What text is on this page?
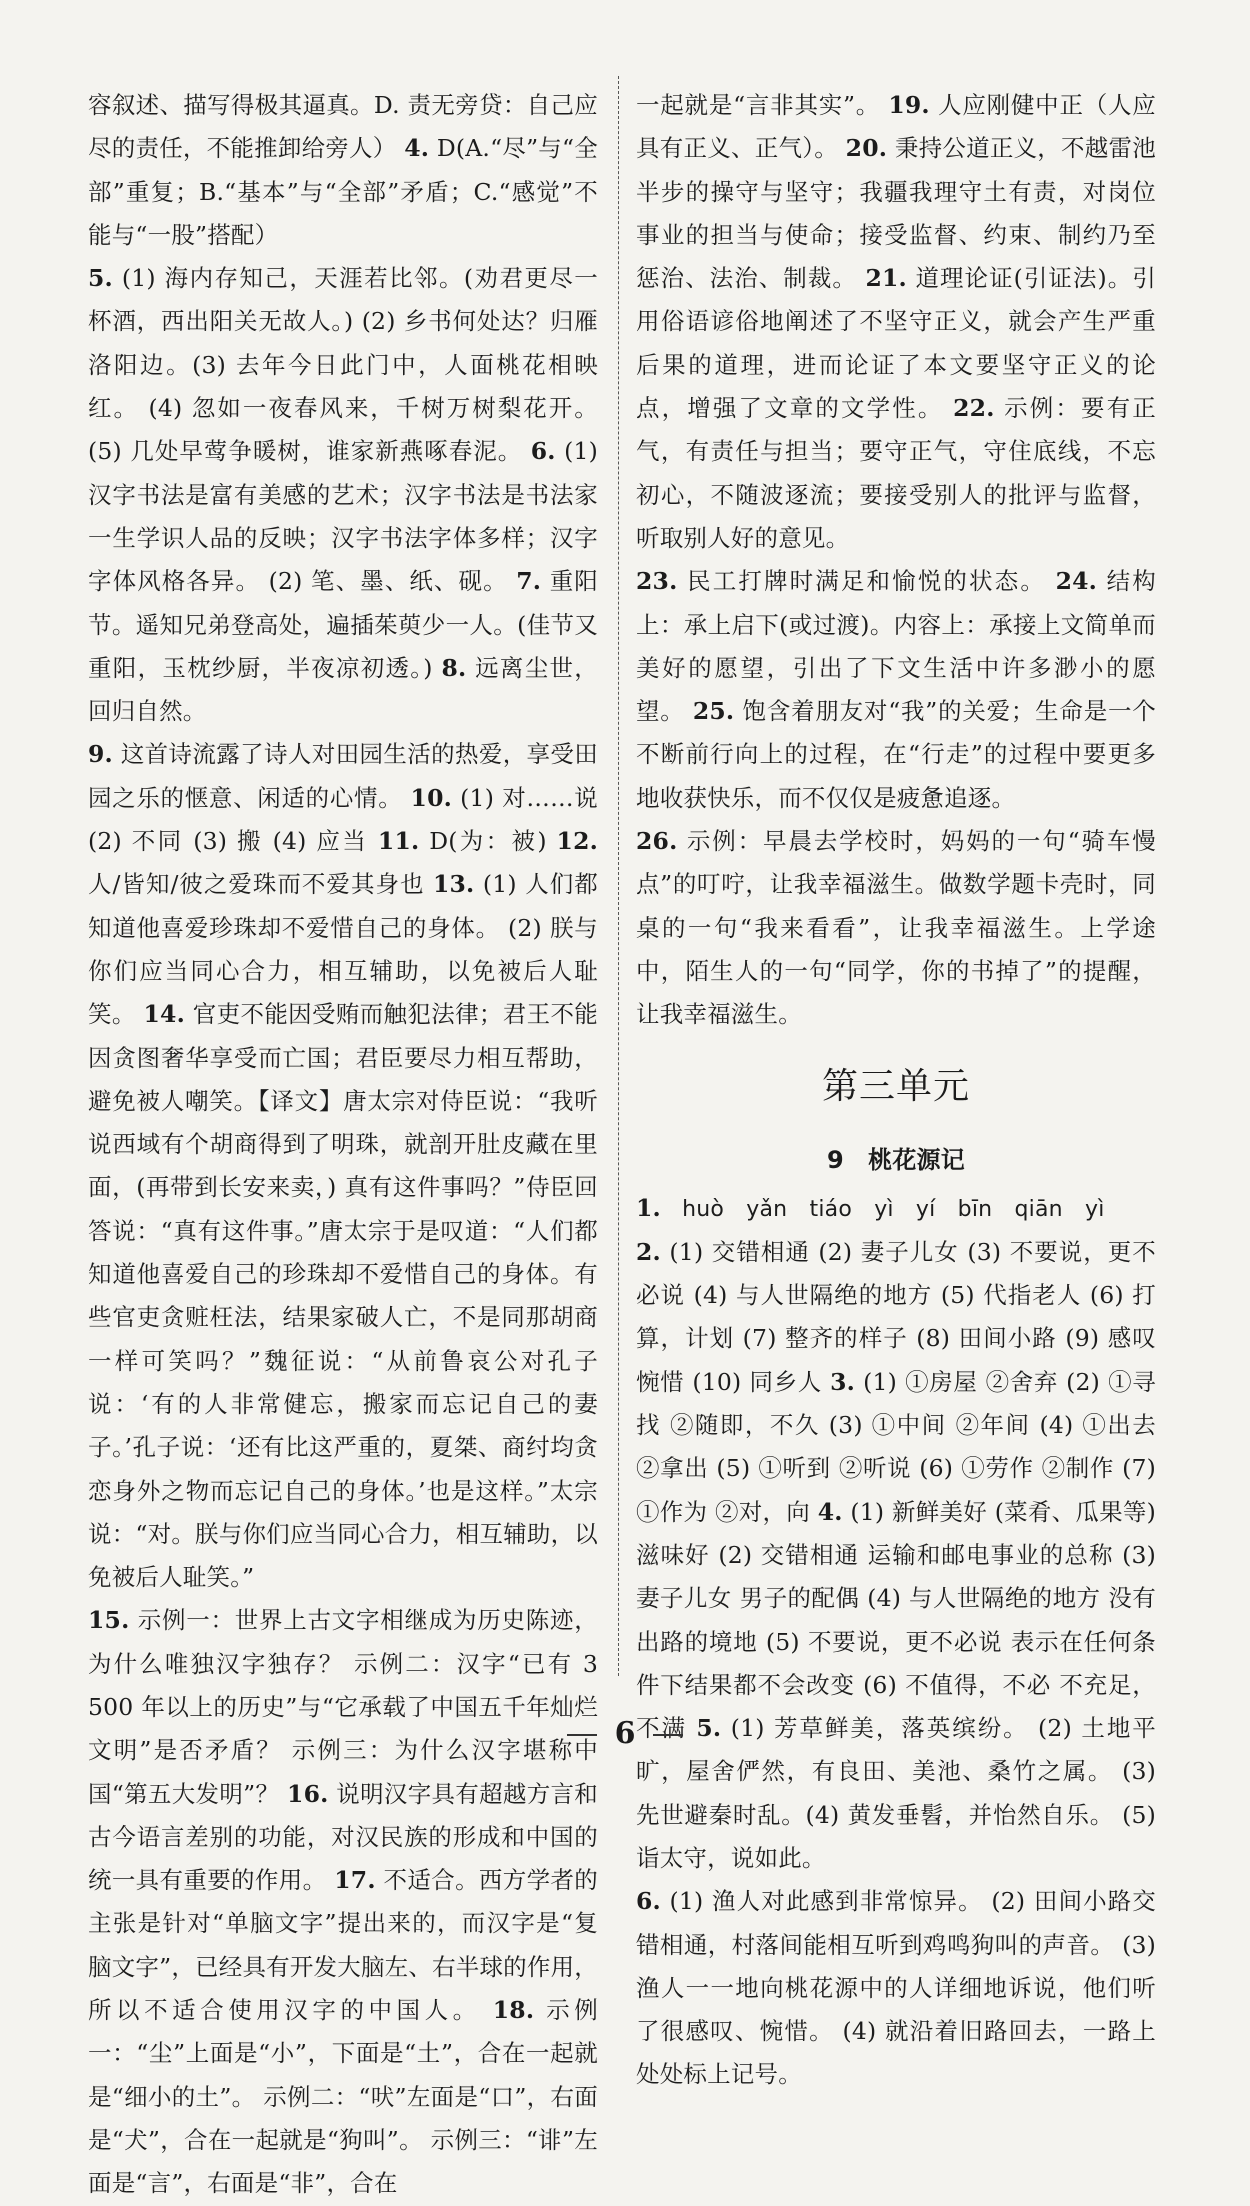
容叙述、描写得极其逼真。D. 责无旁贷：自己应尽的责任，不能推卸给旁人） 4. D(A.“尽”与“全部”重复；B.“基本”与“全部”矛盾；C.“感觉”不能与“一股”搭配）

5. (1) 海内存知己，天涯若比邻。(劝君更尽一杯酒，西出阳关无故人。) (2) 乡书何处达？归雁洛阳边。(3) 去年今日此门中，人面桃花相映红。 (4) 忽如一夜春风来，千树万树梨花开。 (5) 几处早莺争暖树，谁家新燕啄春泥。 6. (1) 汉字书法是富有美感的艺术；汉字书法是书法家一生学识人品的反映；汉字书法字体多样；汉字字体风格各异。 (2) 笔、墨、纸、砚。 7. 重阳节。遥知兄弟登高处，遍插茱萸少一人。(佳节又重阳，玉枕纱厨，半夜凉初透。) 8. 远离尘世，回归自然。

9. 这首诗流露了诗人对田园生活的热爱，享受田园之乐的惬意、闲适的心情。 10. (1) 对……说 (2) 不同 (3) 搬 (4) 应当 11. D(为：被) 12. 人/皆知/彼之爱珠而不爱其身也 13. (1) 人们都知道他喜爱珍珠却不爱惜自己的身体。 (2) 朕与你们应当同心合力，相互辅助，以免被后人耻笑。 14. 官吏不能因受贿而触犯法律；君王不能因贪图奢华享受而亡国；君臣要尽力相互帮助，避免被人嘲笑。【译文】唐太宗对侍臣说：“我听说西域有个胡商得到了明珠，就剖开肚皮藏在里面，(再带到长安来卖，) 真有这件事吗？”侍臣回答说：“真有这件事。”唐太宗于是叹道：“人们都知道他喜爱自己的珍珠却不爱惜自己的身体。有些官吏贪赃枉法，结果家破人亡，不是同那胡商一样可笑吗？”魏征说：“从前鲁哀公对孔子说：‘有的人非常健忘，搬家而忘记自己的妻子。’孔子说：‘还有比这严重的，夏桀、商纣均贪恋身外之物而忘记自己的身体。’也是这样。”太宗说：“对。朕与你们应当同心合力，相互辅助，以免被后人耻笑。”

15. 示例一：世界上古文字相继成为历史陈迹，为什么唯独汉字独存？ 示例二：汉字“已有 3 500 年以上的历史”与“它承载了中国五千年灿烂文明”是否矛盾？ 示例三：为什么汉字堪称中国“第五大发明”？ 16. 说明汉字具有超越方言和古今语言差别的功能，对汉民族的形成和中国的统一具有重要的作用。 17. 不适合。西方学者的主张是针对“单脑文字”提出来的，而汉字是“复脑文字”，已经具有开发大脑左、右半球的作用，所以不适合使用汉字的中国人。 18. 示例一：“尘”上面是“小”，下面是“土”，合在一起就是“细小的土”。 示例二：“吠”左面是“口”，右面是“犬”，合在一起就是“狗叫”。 示例三：“诽”左面是“言”，右面是“非”，合在

一起就是“言非其实”。 19. 人应刚健中正（人应具有正义、正气）。 20. 秉持公道正义，不越雷池半步的操守与坚守；我疆我理守土有责，对岗位事业的担当与使命；接受监督、约束、制约乃至惩治、法治、制裁。 21. 道理论证(引证法)。引用俗语谚俗地阐述了不坚守正义，就会产生严重后果的道理，进而论证了本文要坚守正义的论点，增强了文章的文学性。 22. 示例：要有正气，有责任与担当；要守正气，守住底线，不忘初心，不随波逐流；要接受别人的批评与监督，听取别人好的意见。

23. 民工打牌时满足和愉悦的状态。 24. 结构上：承上启下(或过渡)。内容上：承接上文简单而美好的愿望，引出了下文生活中许多渺小的愿望。 25. 饱含着朋友对“我”的关爱；生命是一个不断前行向上的过程，在“行走”的过程中要更多地收获快乐，而不仅仅是疲惫追逐。

26. 示例：早晨去学校时，妈妈的一句“骑车慢点”的叮咛，让我幸福滋生。做数学题卡壳时，同桌的一句“我来看看”，让我幸福滋生。上学途中，陌生人的一句“同学，你的书掉了”的提醒，让我幸福滋生。

第三单元
9　桃花源记

1. huò　yǎn　tiáo　yì　yí　bīn　qiān　yì

2. (1) 交错相通 (2) 妻子儿女 (3) 不要说，更不必说 (4) 与人世隔绝的地方 (5) 代指老人 (6) 打算，计划 (7) 整齐的样子 (8) 田间小路 (9) 感叹惋惜 (10) 同乡人 3. (1) ①房屋 ②舍弃 (2) ①寻找 ②随即，不久 (3) ①中间 ②年间 (4) ①出去 ②拿出 (5) ①听到 ②听说 (6) ①劳作 ②制作 (7) ①作为 ②对，向 4. (1) 新鲜美好 (菜肴、瓜果等)滋味好 (2) 交错相通 运输和邮电事业的总称 (3) 妻子儿女 男子的配偶 (4) 与人世隔绝的地方 没有出路的境地 (5) 不要说，更不必说 表示在任何条件下结果都不会改变 (6) 不值得，不必 不充足，不满 5. (1) 芳草鲜美，落英缤纷。 (2) 土地平旷，屋舍俨然，有良田、美池、桑竹之属。 (3) 先世避秦时乱。(4) 黄发垂髫，并怡然自乐。 (5) 诣太守，说如此。

6. (1) 渔人对此感到非常惊异。 (2) 田间小路交错相通，村落间能相互听到鸡鸣狗叫的声音。 (3) 渔人一一地向桃花源中的人详细地诉说，他们听了很感叹、惋惜。 (4) 就沿着旧路回去，一路上处处标上记号。

6
